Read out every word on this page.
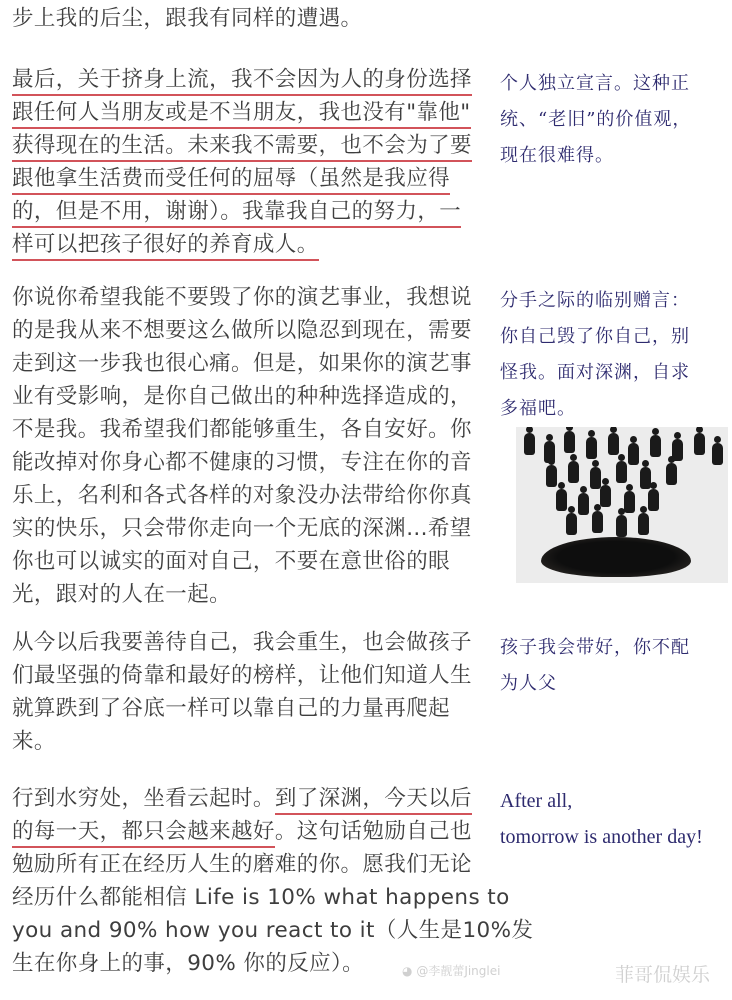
步上我的后尘，跟我有同样的遭遇。
最后，关于挤身上流，我不会因为人的身份选择
跟任何人当朋友或是不当朋友，我也没有"靠他"
获得现在的生活。未来我不需要，也不会为了要
跟他拿生活费而受任何的屈辱（虽然是我应得
的，但是不用，谢谢）。我靠我自己的努力，一
样可以把孩子很好的养育成人。
你说你希望我能不要毁了你的演艺事业，我想说
的是我从来不想要这么做所以隐忍到现在，需要
走到这一步我也很心痛。但是，如果你的演艺事
业有受影响，是你自己做出的种种选择造成的，
不是我。我希望我们都能够重生，各自安好。你
能改掉对你身心都不健康的习惯，专注在你的音
乐上，名利和各式各样的对象没办法带给你你真
实的快乐，只会带你走向一个无底的深渊...希望
你也可以诚实的面对自己，不要在意世俗的眼
光，跟对的人在一起。
从今以后我要善待自己，我会重生，也会做孩子
们最坚强的倚靠和最好的榜样，让他们知道人生
就算跌到了谷底一样可以靠自己的力量再爬起
来。
行到水穷处，坐看云起时。到了深渊，今天以后
的每一天，都只会越来越好。这句话勉励自己也
勉励所有正在经历人生的磨难的你。愿我们无论
经历什么都能相信 Life is 10% what happens to
you and 90% how you react to it（人生是10%发
生在你身上的事，90% 你的反应）。
个人独立宣言。这种正
统、“老旧”的价值观，
现在很难得。
分手之际的临别赠言：
你自己毁了你自己，别
怪我。面对深渊，自求
多福吧。
孩子我会带好，你不配
为人父
After all,
tomorrow is another day!
◕ @李靓蕾Jinglei	菲哥侃娱乐
